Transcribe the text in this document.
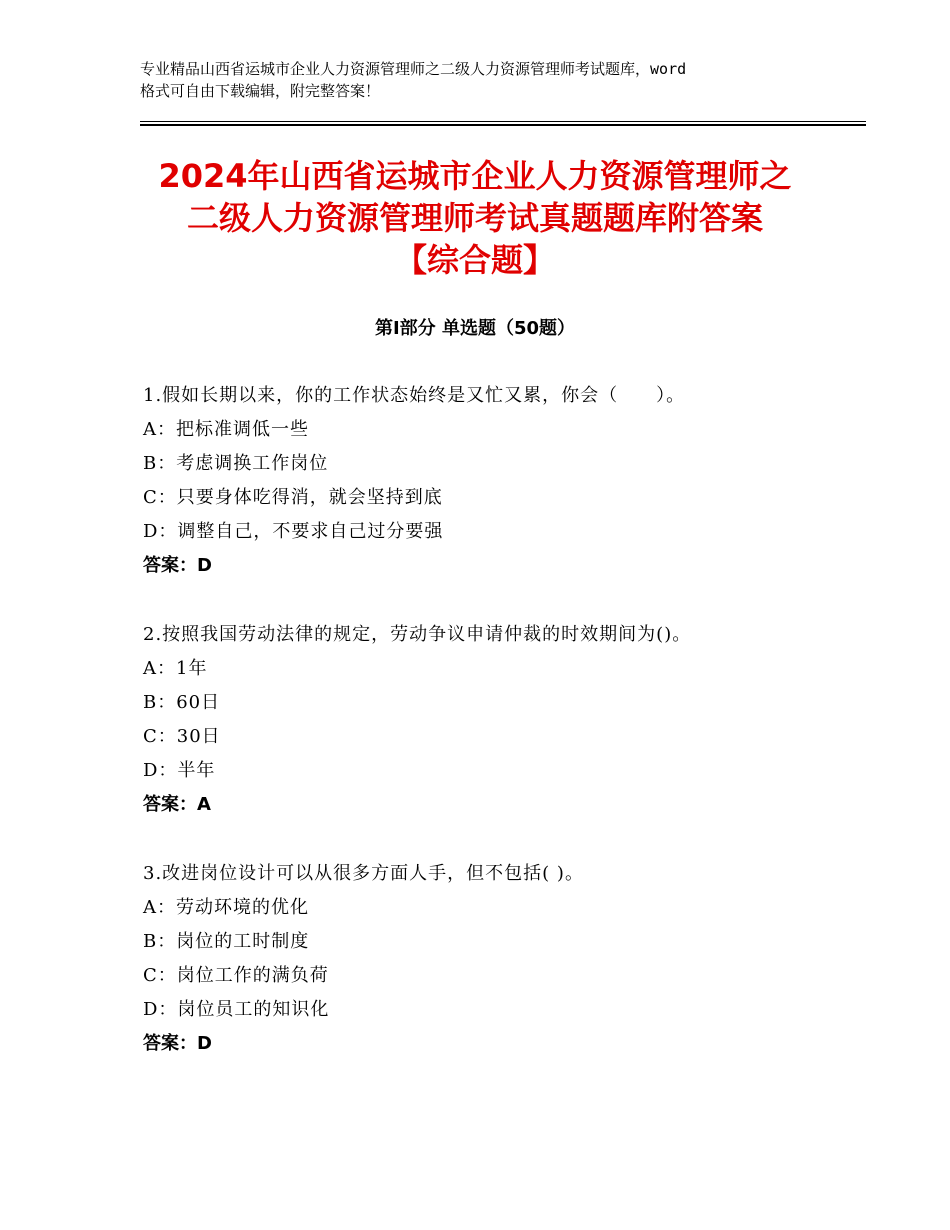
专业精品山西省运城市企业人力资源管理师之二级人力资源管理师考试题库，word
格式可自由下载编辑，附完整答案！
2024年山西省运城市企业人力资源管理师之
二级人力资源管理师考试真题题库附答案
【综合题】
第Ⅰ部分 单选题（50题）
1.假如长期以来，你的工作状态始终是又忙又累，你会（　　）。
A：把标准调低一些
B：考虑调换工作岗位
C：只要身体吃得消，就会坚持到底
D：调整自己，不要求自己过分要强
答案：D
2.按照我国劳动法律的规定，劳动争议申请仲裁的时效期间为()。
A：1年
B：60日
C：30日
D：半年
答案：A
3.改进岗位设计可以从很多方面人手，但不包括( )。
A：劳动环境的优化
B：岗位的工时制度
C：岗位工作的满负荷
D：岗位员工的知识化
答案：D
